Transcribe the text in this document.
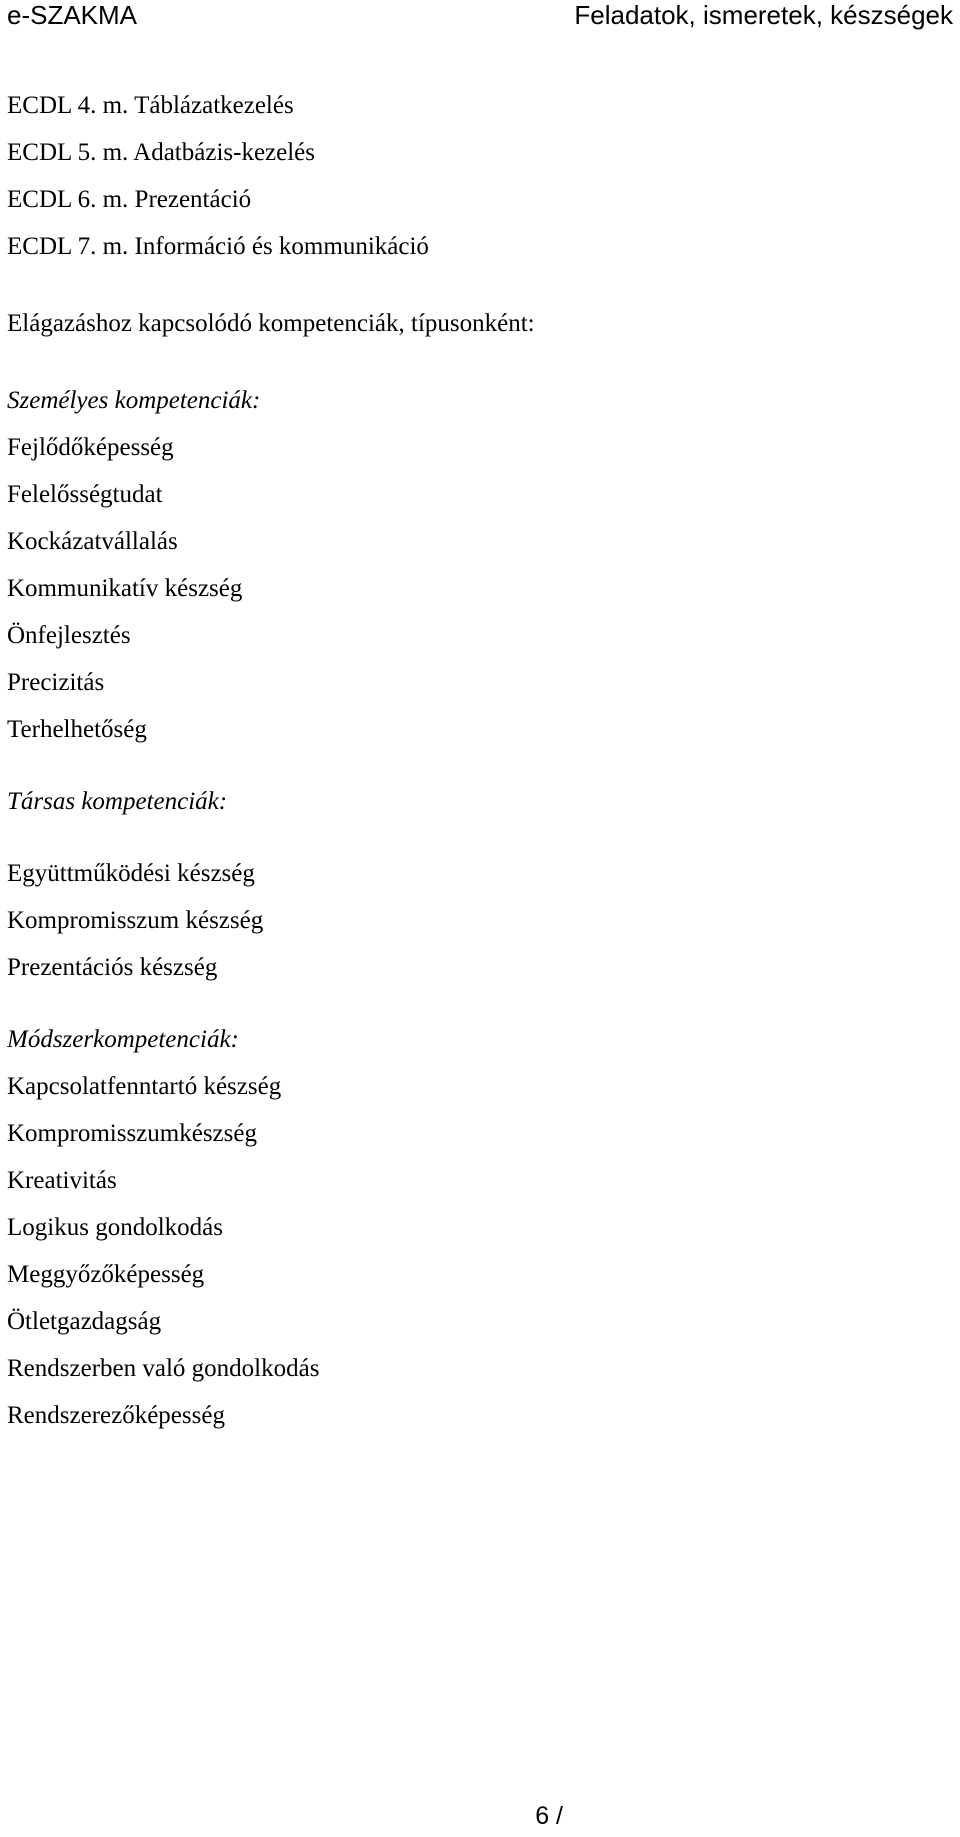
e-SZAKMA	Feladatok, ismeretek, készségek
ECDL 4. m. Táblázatkezelés
ECDL 5. m. Adatbázis-kezelés
ECDL 6. m. Prezentáció
ECDL 7. m. Információ és kommunikáció
Elágazáshoz kapcsolódó kompetenciák, típusonként:
Személyes kompetenciák:
Fejlődőképesség
Felelősségtudat
Kockázatvállalás
Kommunikatív készség
Önfejlesztés
Precizitás
Terhelhetőség
Társas kompetenciák:
Együttműködési készség
Kompromisszum készség
Prezentációs készség
Módszerkompetenciák:
Kapcsolatfenntartó készség
Kompromisszumkészség
Kreativitás
Logikus gondolkodás
Meggyőzőképesség
Ötletgazdagság
Rendszerben való gondolkodás
Rendszerezőképesség
6 /
